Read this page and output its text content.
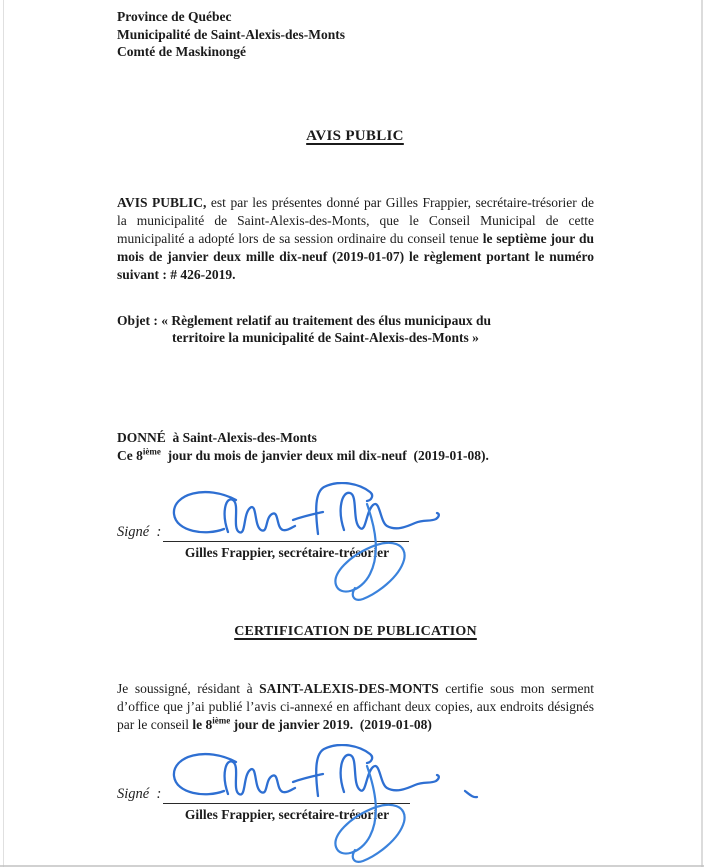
Province de Québec
Municipalité de Saint-Alexis-des-Monts
Comté de Maskinongé
AVIS PUBLIC

AVIS PUBLIC, est par les présentes donné par Gilles Frappier, secrétaire-trésorier de la municipalité de Saint-Alexis-des-Monts, que le Conseil Municipal de cette municipalité a adopté lors de sa session ordinaire du conseil tenue le septième jour du mois de janvier deux mille dix-neuf (2019-01-07) le règlement portant le numéro suivant : # 426-2019.

Objet : « Règlement relatif au traitement des élus municipaux du
territoire la municipalité de Saint-Alexis-des-Monts »
DONNÉ  à Saint-Alexis-des-Monts
Ce 8ième  jour du mois de janvier deux mil dix-neuf  (2019-01-08).
Signé  :
Gilles Frappier, secrétaire-trésorier
CERTIFICATION DE PUBLICATION

Je soussigné, résidant à SAINT-ALEXIS-DES-MONTS certifie sous mon serment d’office que j’ai publié l’avis ci-annexé en affichant deux copies, aux endroits désignés par le conseil le 8ième jour de janvier 2019.  (2019-01-08)

Signé  :
Gilles Frappier, secrétaire-trésorier
